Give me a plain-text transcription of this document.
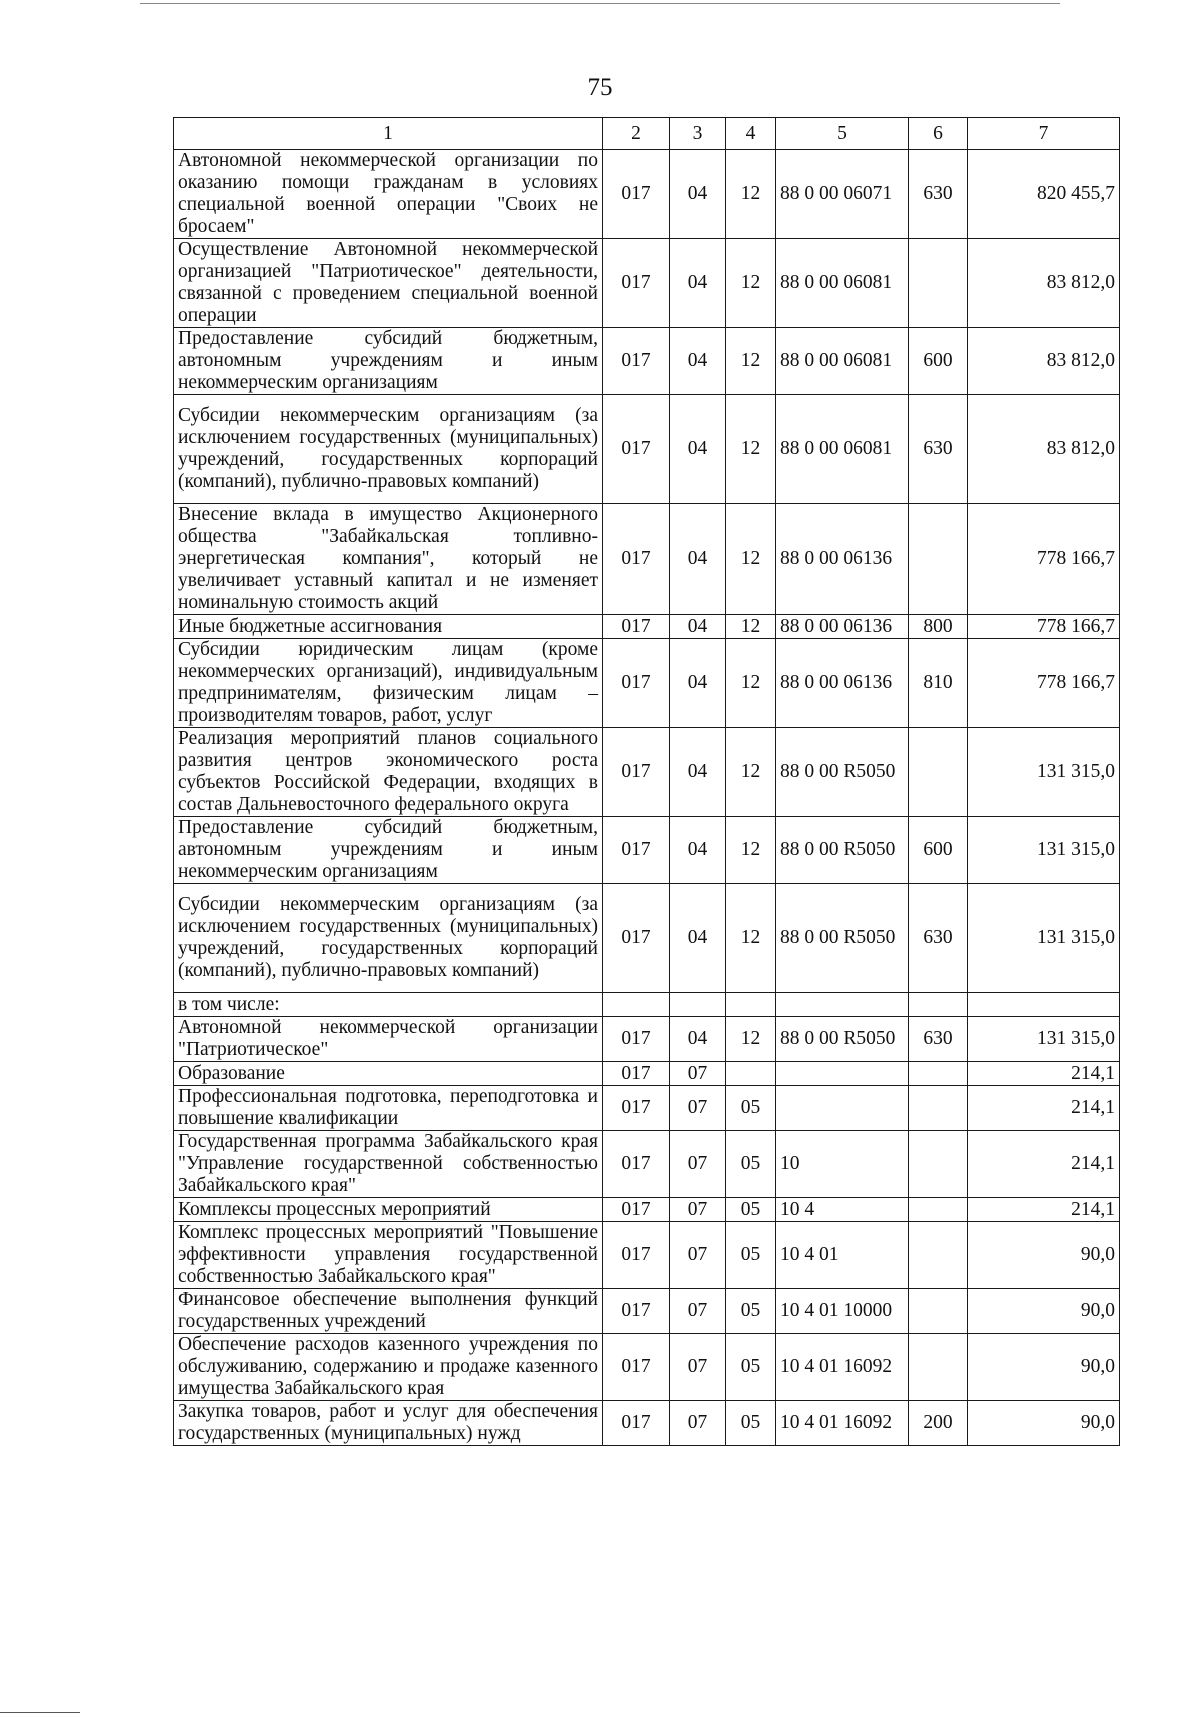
75
1	2	3	4	5	6	7
Автономной некоммерческой организации по оказанию помощи гражданам в условиях специальной военной операции "Своих не бросаем"	017	04	12	88 0 00 06071	630	820 455,7
Осуществление Автономной некоммерческой организацией "Патриотическое" деятельности, связанной с проведением специальной военной операции	017	04	12	88 0 00 06081		83 812,0
Предоставление субсидий бюджетным, автономным учреждениям и иным некоммерческим организациям	017	04	12	88 0 00 06081	600	83 812,0
Субсидии некоммерческим организациям (за исключением государственных (муниципальных) учреждений, государственных корпораций (компаний), публично-правовых компаний)	017	04	12	88 0 00 06081	630	83 812,0
Внесение вклада в имущество Акционерного общества "Забайкальская топливно-энергетическая компания", который не увеличивает уставный капитал и не изменяет номинальную стоимость акций	017	04	12	88 0 00 06136		778 166,7
Иные бюджетные ассигнования	017	04	12	88 0 00 06136	800	778 166,7
Субсидии юридическим лицам (кроме некоммерческих организаций), индивидуальным предпринимателям, физическим лицам – производителям товаров, работ, услуг	017	04	12	88 0 00 06136	810	778 166,7
Реализация мероприятий планов социального развития центров экономического роста субъектов Российской Федерации, входящих в состав Дальневосточного федерального округа	017	04	12	88 0 00 R5050		131 315,0
Предоставление субсидий бюджетным, автономным учреждениям и иным некоммерческим организациям	017	04	12	88 0 00 R5050	600	131 315,0
Субсидии некоммерческим организациям (за исключением государственных (муниципальных) учреждений, государственных корпораций (компаний), публично-правовых компаний)	017	04	12	88 0 00 R5050	630	131 315,0
в том числе:						
Автономной некоммерческой организации "Патриотическое"	017	04	12	88 0 00 R5050	630	131 315,0
Образование	017	07				214,1
Профессиональная подготовка, переподготовка и повышение квалификации	017	07	05			214,1
Государственная программа Забайкальского края "Управление государственной собственностью Забайкальского края"	017	07	05	10		214,1
Комплексы процессных мероприятий	017	07	05	10 4		214,1
Комплекс процессных мероприятий "Повышение эффективности управления государственной собственностью Забайкальского края"	017	07	05	10 4 01		90,0
Финансовое обеспечение выполнения функций государственных учреждений	017	07	05	10 4 01 10000		90,0
Обеспечение расходов казенного учреждения по обслуживанию, содержанию и продаже казенного имущества Забайкальского края	017	07	05	10 4 01 16092		90,0
Закупка товаров, работ и услуг для обеспечения государственных (муниципальных) нужд	017	07	05	10 4 01 16092	200	90,0
